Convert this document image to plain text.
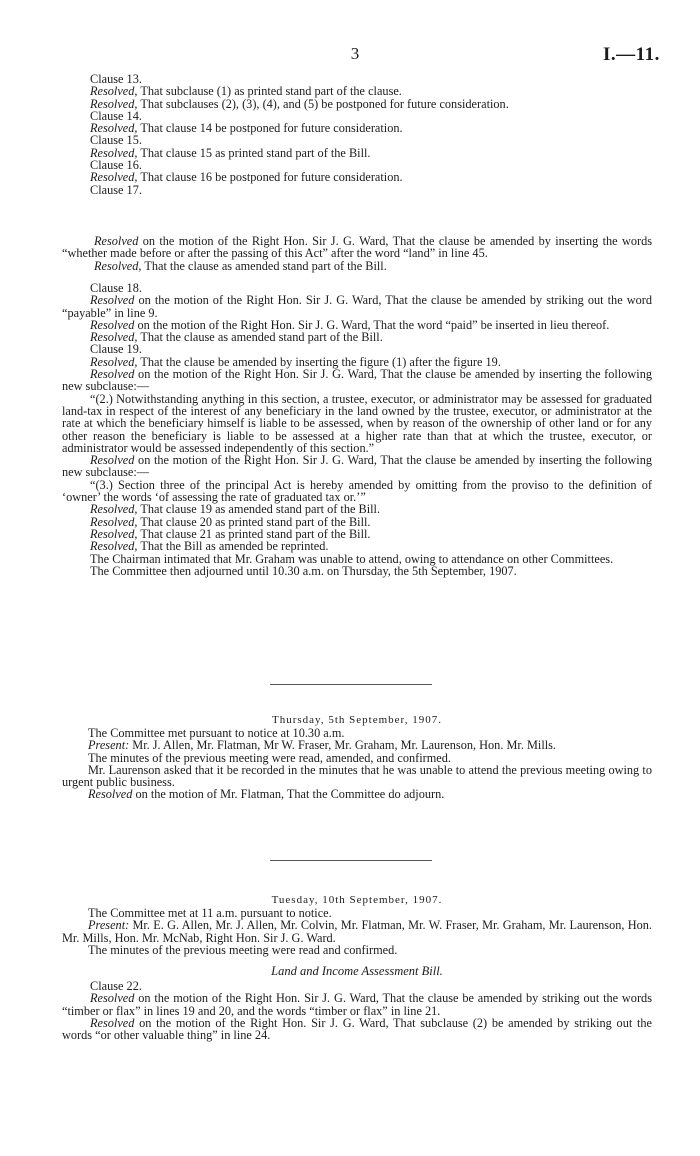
3	I.—11.

Clause 13.

Resolved, That subclause (1) as printed stand part of the clause.

Resolved, That subclauses (2), (3), (4), and (5) be postponed for future consideration.

Clause 14.

Resolved, That clause 14 be postponed for future consideration.

Clause 15.

Resolved, That clause 15 as printed stand part of the Bill.

Clause 16.

Resolved, That clause 16 be postponed for future consideration.

Clause 17.

Resolved on the motion of the Right Hon. Sir J. G. Ward, That the clause be amended by inserting the words “whether made before or after the passing of this Act” after the word “land” in line 45.

Resolved, That the clause as amended stand part of the Bill.

Clause 18.

Resolved on the motion of the Right Hon. Sir J. G. Ward, That the clause be amended by striking out the word “payable” in line 9.

Resolved on the motion of the Right Hon. Sir J. G. Ward, That the word “paid” be inserted in lieu thereof.

Resolved, That the clause as amended stand part of the Bill.

Clause 19.

Resolved, That the clause be amended by inserting the figure (1) after the figure 19.

Resolved on the motion of the Right Hon. Sir J. G. Ward, That the clause be amended by inserting the following new subclause:—

“(2.) Notwithstanding anything in this section, a trustee, executor, or administrator may be assessed for graduated land-tax in respect of the interest of any beneficiary in the land owned by the trustee, executor, or administrator at the rate at which the beneficiary himself is liable to be assessed, when by reason of the ownership of other land or for any other reason the beneficiary is liable to be assessed at a higher rate than that at which the trustee, executor, or administrator would be assessed independently of this section.”

Resolved on the motion of the Right Hon. Sir J. G. Ward, That the clause be amended by inserting the following new subclause:—

“(3.) Section three of the principal Act is hereby amended by omitting from the proviso to the definition of ‘owner’ the words ‘of assessing the rate of graduated tax or.’”

Resolved, That clause 19 as amended stand part of the Bill.

Resolved, That clause 20 as printed stand part of the Bill.

Resolved, That clause 21 as printed stand part of the Bill.

Resolved, That the Bill as amended be reprinted.

The Chairman intimated that Mr. Graham was unable to attend, owing to attendance on other Committees.

The Committee then adjourned until 10.30 a.m. on Thursday, the 5th September, 1907.

Thursday, 5th September, 1907.

The Committee met pursuant to notice at 10.30 a.m.

Present: Mr. J. Allen, Mr. Flatman, Mr W. Fraser, Mr. Graham, Mr. Laurenson, Hon. Mr. Mills.

The minutes of the previous meeting were read, amended, and confirmed.

Mr. Laurenson asked that it be recorded in the minutes that he was unable to attend the previous meeting owing to urgent public business.

Resolved on the motion of Mr. Flatman, That the Committee do adjourn.

Tuesday, 10th September, 1907.

The Committee met at 11 a.m. pursuant to notice.

Present: Mr. E. G. Allen, Mr. J. Allen, Mr. Colvin, Mr. Flatman, Mr. W. Fraser, Mr. Graham, Mr. Laurenson, Hon. Mr. Mills, Hon. Mr. McNab, Right Hon. Sir J. G. Ward.

The minutes of the previous meeting were read and confirmed.

Land and Income Assessment Bill.

Clause 22.

Resolved on the motion of the Right Hon. Sir J. G. Ward, That the clause be amended by striking out the words “timber or flax” in lines 19 and 20, and the words “timber or flax” in line 21.

Resolved on the motion of the Right Hon. Sir J. G. Ward, That subclause (2) be amended by striking out the words “or other valuable thing” in line 24.
